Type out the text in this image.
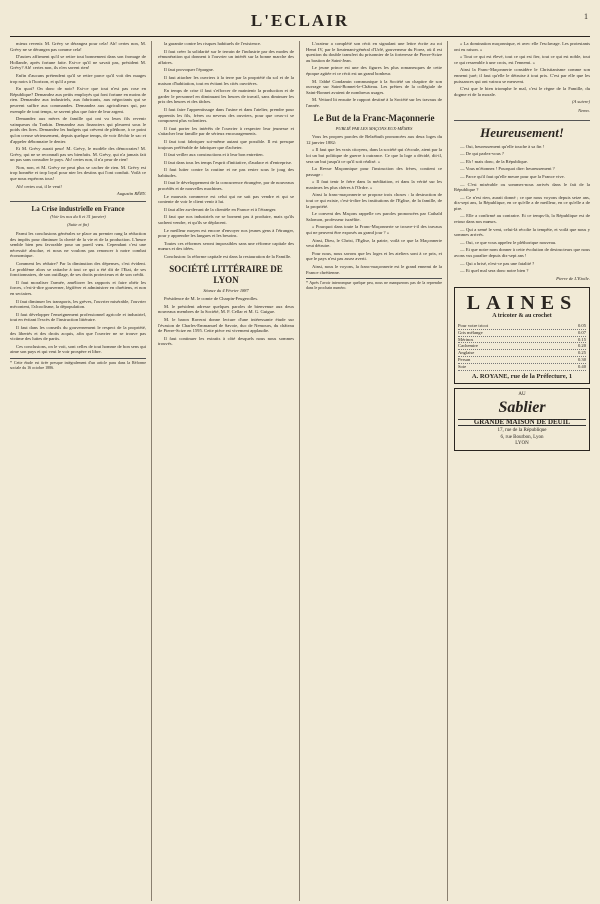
L'ECLAIR	1

mieux revenir. M. Grévy se dérangea pour cela! Ah! certes non, M. Grévy ne se dérangea pas comme cela!

D'autres affirment qu'il se retire tout bonnement dans son fromage de Hollande, après fortune faite. Est-ce qu'il ne savait pas, président M. Grévy? Ah! certes non, ils n'en savent rien!

Enfin d'aucuns prétendent qu'il se retire parce qu'il voit des nuages trop noirs à l'horizon, et qu'il a peur.

En quoi? On donc de noir? Est-ce que tout n'est pas rose en République? Demandez aux petits employés qui font fortune en moins de rien. Demandez aux industriels, aux fabricants, aux négociants qui se peuvent suffire aux commandes. Demandez aux agriculteurs qui, par exemple de tout temps, se savent plus que faire de leur argent.

Demandez aux mères de famille qui ont vu leurs fils revenir vainqueurs du Tonkin. Demandez aux financiers qui pleurent sous le poids des lires. Demandez les budgets qui crèvent de pléthore, à ce point qu'on creuse sérieusement, depuis quelque temps, de voir fléchir le sac et d'appeler débonnaire le denier.

Et M. Grévy aurait peur! M. Grévy, le modèle des démocrates! M. Grévy, qui ne se reconnaît pas ses bienfaits. M. Grévy, qui n'a jamais fait un pas sans consulter le pays. Ah! certes non, il n'a peur de rien!

Non, non, et M. Grévy ne peut plus se cacher de rien. M. Grévy est trop honnête et trop loyal pour nier les destins qui l'ont conduit. Voilà ce que nous espérons tous!

Ah! certes oui, il le veut!

Augustin RÉRY.
La Crise industrielle en France
(Voir les nos du 6 et 31 janvier)
(Suite et fin)

Parmi les conclusions générales se place au premier rang la réduction des impôts pour diminuer la cherté de la vie et de la production. L'heure semble bien peu favorable pour un pareil vœu. Cependant c'est une nécessité absolue, et nous ne voulons pas renoncer à notre combat économique.

Comment les réduire? Par la diminution des dépenses, c'est évident. Le problème alors se rattache à tout ce qui a été dit de l'Etat, de ses fonctionnaires, de son outillage, de ses droits protecteurs et de son crédit.

Il faut moraliser l'armée, améliorer les rapports et faire obéir les forces, c'est-à-dire gouverner, légiférer et administrer en chrétiens, et non en sectaires.

Il faut diminuer les transports, les grèves, l'ouvrier misérable, l'ouvrier mécontent, l'alcoolisme, la dépopulation.

Il faut développer l'enseignement professionnel agricole et industriel, tout en évitant l'excès de l'instruction littéraire.

Il faut dans les conseils du gouvernement le respect de la propriété, des libertés et des droits acquis, afin que l'ouvrier ne se trouve pas victime des luttes de partis.

Ces conclusions, on le voit, sont celles de tout homme de bon sens qui aime son pays et qui veut le voir prospère et libre.

* Cette étude est tirée presque intégralement d'un article paru dans la Réforme sociale du 16 octobre 1886.

la garantie contre les risques habituels de l'existence.

Il faut créer la solidarité sur le terrain de l'industrie par des modes de rémunération qui donnent à l'ouvrier un intérêt sur la bonne marche des affaires.

Il faut provoquer l'épargne.

Il faut attacher les ouvriers à la terre par la propriété du sol et de la maison d'habitation, tout en évitant les cités ouvrières.

En temps de crise il faut s'efforcer de maintenir la production et de garder le personnel en diminuant les heures de travail, sans diminuer les prix des heures et des tâches.

Il faut faire l'apprentissage dans l'usine et dans l'atelier, prendre pour apprentis les fils, frères ou neveux des ouvriers, pour que ceux-ci se composent plus volontiers.

Il faut porter les intérêts de l'ouvrier à respecter leur jeunesse et s'attacher leur famille par de sérieux encouragements.

Il faut tout fabriquer soi-même autant que possible. Il est presque toujours préférable de fabriquer que d'acheter.

Il faut veiller aux constructions et à leur bon entretien.

Il faut dans tous les temps l'esprit d'initiative, d'audace et d'entreprise.

Il faut lutter contre la routine et ne pas rester sous le joug des habitudes.

Il faut le développement de la concurrence étrangère, par de nouveaux procédés et de nouvelles machines.

Le mauvais commerce est celui qui ne sait pas vendre et qui se contente de voir le client venir à lui.

Il faut aller au-devant de la clientèle en France et à l'étranger.

Il faut que nos industriels ne se bornent pas à produire, mais qu'ils sachent vendre, et qu'ils se déplacent.

Le meilleur moyen est encore d'envoyer nos jeunes gens à l'étranger, pour y apprendre les langues et les besoins.

Toutes ces réformes seront impossibles sans une réforme capitale des mœurs et des idées.

Conclusion: la réforme capitale est dans la restauration de la Famille.

SOCIÉTÉ LITTÉRAIRE DE LYON
Séance du 4 Février 1887

Présidence de M. le comte de Charpin-Feugerolles.

M. le président adresse quelques paroles de bienvenue aux deux nouveaux membres de la Société, M. F. Cellar et M. G. Guigue.

M. le baron Raverat donne lecture d'une intéressante étude sur l'évasion de Charles-Emmanuel de Savoie, duc de Nemours, du château de Pierre-Scize en 1595. Cette pièce est vivement applaudie.

Il faut continuer les extraits à côté desquels nous nous sommes trouvés.

L'orateur a complété son récit en signalant une lettre écrite au roi Henri IV, par le lieutenant-général d'Urfé, gouverneur du Forez, où il est question du double transfert du prisonnier de la forteresse de Pierre-Scize au bastion de Saint-Jean.

Le jeune prince est une des figures les plus romanesques de cette époque agitée et ce récit est un grand bonheur.

M. l'abbé Condamin communique à la Société un chapitre de son ouvrage sur Saint-Bonnet-le-Château. Les prêtres de la collégiale de Saint-Bonnet avaient de nombreux usages.

M. Vettard lit ensuite le rapport destiné à la Société sur les travaux de l'année.

Le But de la Franc-Maçonnerie
PUBLIÉ PAR LES MAÇONS EUX-MÊMES

Vous les propres paroles de Belzébuth prononcées aux deux loges du 12 janvier 1882:

« Il faut que les vrais citoyens, dans la société qui s'écoule, aient par la loi un but politique de guerre à outrance. Ce que la loge a décidé, dit-il, sera un but jusqu'à ce qu'il soit réalisé. »

La Revue Maçonnique pour l'instruction des frères, contient ce passage :

« Il faut tenir le frère dans la méditation, et dans la vérité sur les maximes les plus chères à l'Ordre. »

Ainsi la franc-maçonnerie se propose trois choses : la destruction de tout ce qui existe, c'est-à-dire les institutions de l'Eglise, de la famille, de la propriété.

Le convent des Maçons rappelle ces paroles prononcées par Cathald Salomon, professeur israélite.

« Pourquoi dans toute la Franc-Maçonnerie se trouve-t-il des travaux qui ne peuvent être exposés au grand jour ? »

Ainsi, Dieu, le Christ, l'Eglise, la patrie, voilà ce que la Maçonnerie veut détruire.

Pour nous, nous savons que les loges et les ateliers sont à ce prix, et que le pays n'est pas assez averti.

Ainsi, nous le voyons, la franc-maçonnerie est le grand ennemi de la France chrétienne.

* Après l'avoir interrompue quelque peu, nous ne manquerons pas de la reprendre dans le prochain numéro.

« La domination maçonnique, et avec elle l'esclavage. Les protestants ont eu raison. »

« Tout ce qui est élevé, tout ce qui est fier, tout ce qui est noble, tout ce qui ressemble à une croix, est l'ennemi. »

Ainsi la Franc-Maçonnerie considère le Christianisme comme son ennemi juré; il faut qu'elle le détruise à tout prix. C'est par elle que les puissances qui ont vaincu se meuvent.

C'est que le bien triomphe le mal, c'est le règne de la Famille, du dogme et de la morale.

(A suivre)
Nemo.
Heureusement!

— Oui, heureusement qu'elle touche à sa fin !

— De qui parlez-vous ?

— Eh ! mais donc, de la République.

— Vous m'étonnez ! Pourquoi dire: heureusement ?

— Parce qu'il faut qu'elle meure pour que la France vive.

— C'est misérable ou sommes-nous arrivés dans le fait de la République ?

— Ce n'est rien, aurait donné ; ce que nous voyons depuis seize ans, dix-sept ans, la République, en ce qu'elle a de meilleur, en ce qu'elle a de pire.

— Elle a confirmé au contraire. Et ce temps-là, la République est de retour dans nos mœurs.

— Qui a semé le vent, celui-là récolte la tempête, et voilà que nous y sommes arrivés.

— Oui, ce que vous appelez le pléthorique nouveau.

— Et que notre nom donner à cette évolution de destructeurs que nous avons vus paraître depuis dix-sept ans !

— Qui a brisé, n'est-ce pas une fatalité ?

— Et quel mal sera donc notre bien ?

Pierre de L'Etoile.
LAINES
A tricoter & au crochet
Pour votre tricot	0.05
Gris mélange	0.07
Mérinos	0.15
Cachemire	0.20
Anglaise	0.25
Persan	0.30
Soie	0.40
A. ROYANE, rue de la Préfecture, 1
AU
Sablier
GRANDE MAISON DE DEUIL
17, rue de la République
6, rue Bourbon, Lyon
LYON
